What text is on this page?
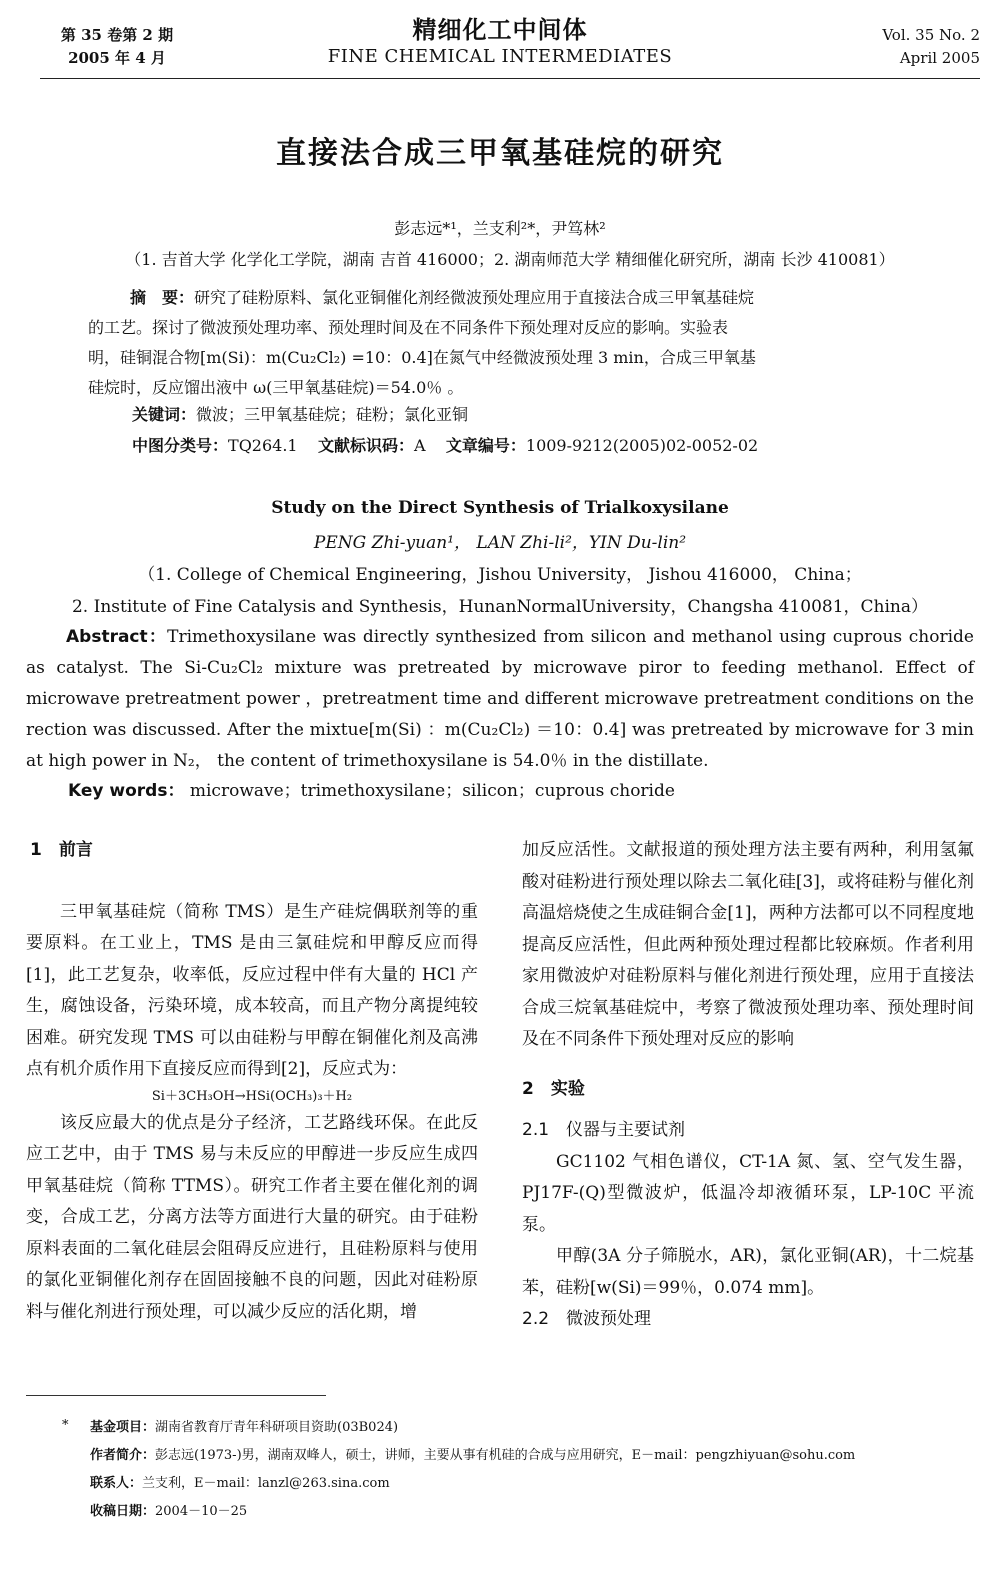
第 35 卷第 2 期
2005 年 4 月
精细化工中间体
FINE CHEMICAL INTERMEDIATES
Vol. 35 No. 2
April 2005
直接法合成三甲氧基硅烷的研究
彭志远*¹，兰支利²*，尹笃林²
（1. 吉首大学 化学化工学院，湖南 吉首 416000；2. 湖南师范大学 精细催化研究所，湖南 长沙 410081）
摘　要：研究了硅粉原料、氯化亚铜催化剂经微波预处理应用于直接法合成三甲氧基硅烷
的工艺。探讨了微波预处理功率、预处理时间及在不同条件下预处理对反应的影响。实验表
明，硅铜混合物[m(Si)：m(Cu₂Cl₂) =10：0.4]在氮气中经微波预处理 3 min，合成三甲氧基
硅烷时，反应馏出液中 ω(三甲氧基硅烷)＝54.0％ 。
关键词：微波；三甲氧基硅烷；硅粉；氯化亚铜
中图分类号：TQ264.1 文献标识码：A 文章编号：1009-9212(2005)02-0052-02
Study on the Direct Synthesis of Trialkoxysilane
PENG Zhi-yuan¹， LAN Zhi-li²，YIN Du-lin²
（1. College of Chemical Engineering，Jishou University， Jishou 416000， China；
2. Institute of Fine Catalysis and Synthesis，HunanNormalUniversity，Changsha 410081，China）
Abstract：Trimethoxysilane was directly synthesized from silicon and methanol using cuprous choride as catalyst. The Si-Cu₂Cl₂ mixture was pretreated by microwave piror to feeding methanol. Effect of microwave pretreatment power ，pretreatment time and different microwave pretreatment conditions on the rection was discussed. After the mixtue[m(Si) ：m(Cu₂Cl₂) ＝10：0.4] was pretreated by microwave for 3 min at high power in N₂， the content of trimethoxysilane is 54.0％ in the distillate.
Key words： microwave；trimethoxysilane；silicon；cuprous choride

1　前言

三甲氧基硅烷（简称 TMS）是生产硅烷偶联剂等的重要原料。在工业上，TMS 是由三氯硅烷和甲醇反应而得[1]，此工艺复杂，收率低，反应过程中伴有大量的 HCl 产生，腐蚀设备，污染环境，成本较高，而且产物分离提纯较困难。研究发现 TMS 可以由硅粉与甲醇在铜催化剂及高沸点有机介质作用下直接反应而得到[2]，反应式为：

Si＋3CH₃OH→HSi(OCH₃)₃＋H₂

该反应最大的优点是分子经济，工艺路线环保。在此反应工艺中，由于 TMS 易与未反应的甲醇进一步反应生成四甲氧基硅烷（简称 TTMS）。研究工作者主要在催化剂的调变，合成工艺，分离方法等方面进行大量的研究。由于硅粉原料表面的二氧化硅层会阻碍反应进行，且硅粉原料与使用的氯化亚铜催化剂存在固固接触不良的问题，因此对硅粉原料与催化剂进行预处理，可以减少反应的活化期，增

加反应活性。文献报道的预处理方法主要有两种，利用氢氟酸对硅粉进行预处理以除去二氧化硅[3]，或将硅粉与催化剂高温焙烧使之生成硅铜合金[1]，两种方法都可以不同程度地提高反应活性，但此两种预处理过程都比较麻烦。作者利用家用微波炉对硅粉原料与催化剂进行预处理，应用于直接法合成三烷氧基硅烷中，考察了微波预处理功率、预处理时间及在不同条件下预处理对反应的影响

2　实验

2.1　仪器与主要试剂

GC1102 气相色谱仪，CT-1A 氮、氢、空气发生器，PJ17F-(Q)型微波炉，低温冷却液循环泵，LP-10C 平流泵。

甲醇(3A 分子筛脱水，AR)，氯化亚铜(AR)，十二烷基苯，硅粉[w(Si)＝99％，0.074 mm]。

2.2　微波预处理

* 基金项目：湖南省教育厅青年科研项目资助(03B024)
作者简介：彭志远(1973-)男，湖南双峰人，硕士，讲师，主要从事有机硅的合成与应用研究，E－mail：pengzhiyuan@sohu.com
联系人：兰支利，E－mail：lanzl@263.sina.com
收稿日期：2004－10－25
